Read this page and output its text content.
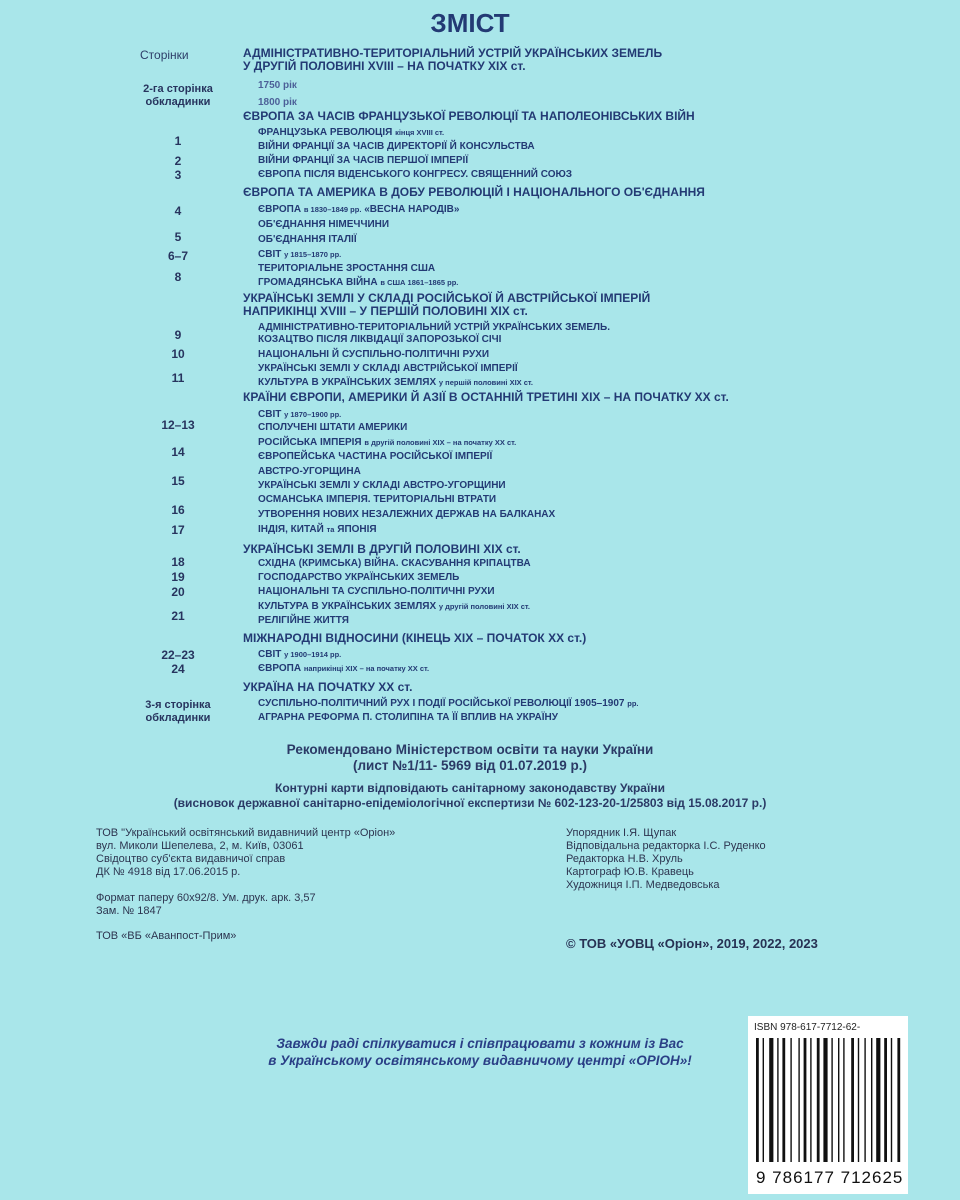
ЗМІСТ
Сторінки	АДМІНІСТРАТИВНО-ТЕРИТОРІАЛЬНИЙ УСТРІЙ УКРАЇНСЬКИХ ЗЕМЕЛЬ
У ДРУГІЙ ПОЛОВИНІ XVIII – НА ПОЧАТКУ XIX ст.
2-га сторінка
обкладинки
1750 рік
1800 рік
ЄВРОПА ЗА ЧАСІВ ФРАНЦУЗЬКОЇ РЕВОЛЮЦІЇ ТА НАПОЛЕОНІВСЬКИХ ВІЙН
ФРАНЦУЗЬКА РЕВОЛЮЦІЯ кінця XVIII ст.
ВІЙНИ ФРАНЦІЇ ЗА ЧАСІВ ДИРЕКТОРІЇ Й КОНСУЛЬСТВА
ВІЙНИ ФРАНЦІЇ ЗА ЧАСІВ ПЕРШОЇ ІМПЕРІЇ
ЄВРОПА ПІСЛЯ ВІДЕНСЬКОГО КОНГРЕСУ. СВЯЩЕННИЙ СОЮЗ
1
2
3
ЄВРОПА ТА АМЕРИКА В ДОБУ РЕВОЛЮЦІЙ І НАЦІОНАЛЬНОГО ОБ'ЄДНАННЯ
ЄВРОПА в 1830–1849 рр. «ВЕСНА НАРОДІВ»
ОБ'ЄДНАННЯ НІМЕЧЧИНИ
ОБ'ЄДНАННЯ ІТАЛІЇ
СВІТ у 1815–1870 рр.
ТЕРИТОРІАЛЬНЕ ЗРОСТАННЯ США
ГРОМАДЯНСЬКА ВІЙНА в США 1861–1865 рр.
4
5
6–7
8
УКРАЇНСЬКІ ЗЕМЛІ У СКЛАДІ РОСІЙСЬКОЇ Й АВСТРІЙСЬКОЇ ІМПЕРІЙ
НАПРИКІНЦІ XVIII – У ПЕРШІЙ ПОЛОВИНІ XIX ст.
АДМІНІСТРАТИВНО-ТЕРИТОРІАЛЬНИЙ УСТРІЙ УКРАЇНСЬКИХ ЗЕМЕЛЬ.
КОЗАЦТВО ПІСЛЯ ЛІКВІДАЦІЇ ЗАПОРОЗЬКОЇ СІЧІ
НАЦІОНАЛЬНІ Й СУСПІЛЬНО-ПОЛІТИЧНІ РУХИ
УКРАЇНСЬКІ ЗЕМЛІ У СКЛАДІ АВСТРІЙСЬКОЇ ІМПЕРІЇ
КУЛЬТУРА В УКРАЇНСЬКИХ ЗЕМЛЯХ у першій половині XIX ст.
9
10
11
КРАЇНИ ЄВРОПИ, АМЕРИКИ Й АЗІЇ В ОСТАННІЙ ТРЕТИНІ XIX – НА ПОЧАТКУ XX ст.
СВІТ у 1870–1900 рр.
СПОЛУЧЕНІ ШТАТИ АМЕРИКИ
РОСІЙСЬКА ІМПЕРІЯ в другій половині XIX – на початку XX ст.
ЄВРОПЕЙСЬКА ЧАСТИНА РОСІЙСЬКОЇ ІМПЕРІЇ
АВСТРО-УГОРЩИНА
УКРАЇНСЬКІ ЗЕМЛІ У СКЛАДІ АВСТРО-УГОРЩИНИ
ОСМАНСЬКА ІМПЕРІЯ. ТЕРИТОРІАЛЬНІ ВТРАТИ
УТВОРЕННЯ НОВИХ НЕЗАЛЕЖНИХ ДЕРЖАВ НА БАЛКАНАХ
ІНДІЯ, КИТАЙ та ЯПОНІЯ
12–13
14
15
16
17
УКРАЇНСЬКІ ЗЕМЛІ В ДРУГІЙ ПОЛОВИНІ XIX ст.
СХІДНА (КРИМСЬКА) ВІЙНА. СКАСУВАННЯ КРІПАЦТВА
ГОСПОДАРСТВО УКРАЇНСЬКИХ ЗЕМЕЛЬ
НАЦІОНАЛЬНІ ТА СУСПІЛЬНО-ПОЛІТИЧНІ РУХИ
КУЛЬТУРА В УКРАЇНСЬКИХ ЗЕМЛЯХ у другій половині XIX ст.
РЕЛІГІЙНЕ ЖИТТЯ
18
19
20
21
МІЖНАРОДНІ ВІДНОСИНИ (КІНЕЦЬ XIX – ПОЧАТОК XX ст.)
СВІТ у 1900–1914 рр.
ЄВРОПА наприкінці XIX – на початку XX ст.
22–23
24
УКРАЇНА НА ПОЧАТКУ XX ст.
3-я сторінка
обкладинки
СУСПІЛЬНО-ПОЛІТИЧНИЙ РУХ І ПОДІЇ РОСІЙСЬКОЇ РЕВОЛЮЦІЇ 1905–1907 рр.
АГРАРНА РЕФОРМА П. СТОЛИПІНА ТА ЇЇ ВПЛИВ НА УКРАЇНУ
Рекомендовано Міністерством освіти та науки України
(лист №1/11- 5969 від 01.07.2019 р.)
Контурні карти відповідають санітарному законодавству України
(висновок державної санітарно-епідеміологічної експертизи № 602-123-20-1/25803 від 15.08.2017 р.)
ТОВ "Український освітянський видавничий центр «Оріон»
вул. Миколи Шепелева, 2, м. Київ, 03061
Свідоцтво суб'єкта видавничої справ
ДК № 4918 від 17.06.2015 р.
Формат паперу 60x92/8. Ум. друк. арк. 3,57
Зам. № 1847
ТОВ «ВБ «Аванпост-Прим»
Упорядник І.Я. Щупак
Відповідальна редакторка І.С. Руденко
Редакторка Н.В. Хруль
Картограф Ю.В. Кравець
Художниця І.П. Медведовська
© ТОВ «УОВЦ «Оріон», 2019, 2022, 2023
Завжди раді спілкуватися і співпрацювати з кожним із Вас
в Українському освітянському видавничому центрі «ОРІОН»!
ISBN 978-617-7712-62-
9 786177 712625
